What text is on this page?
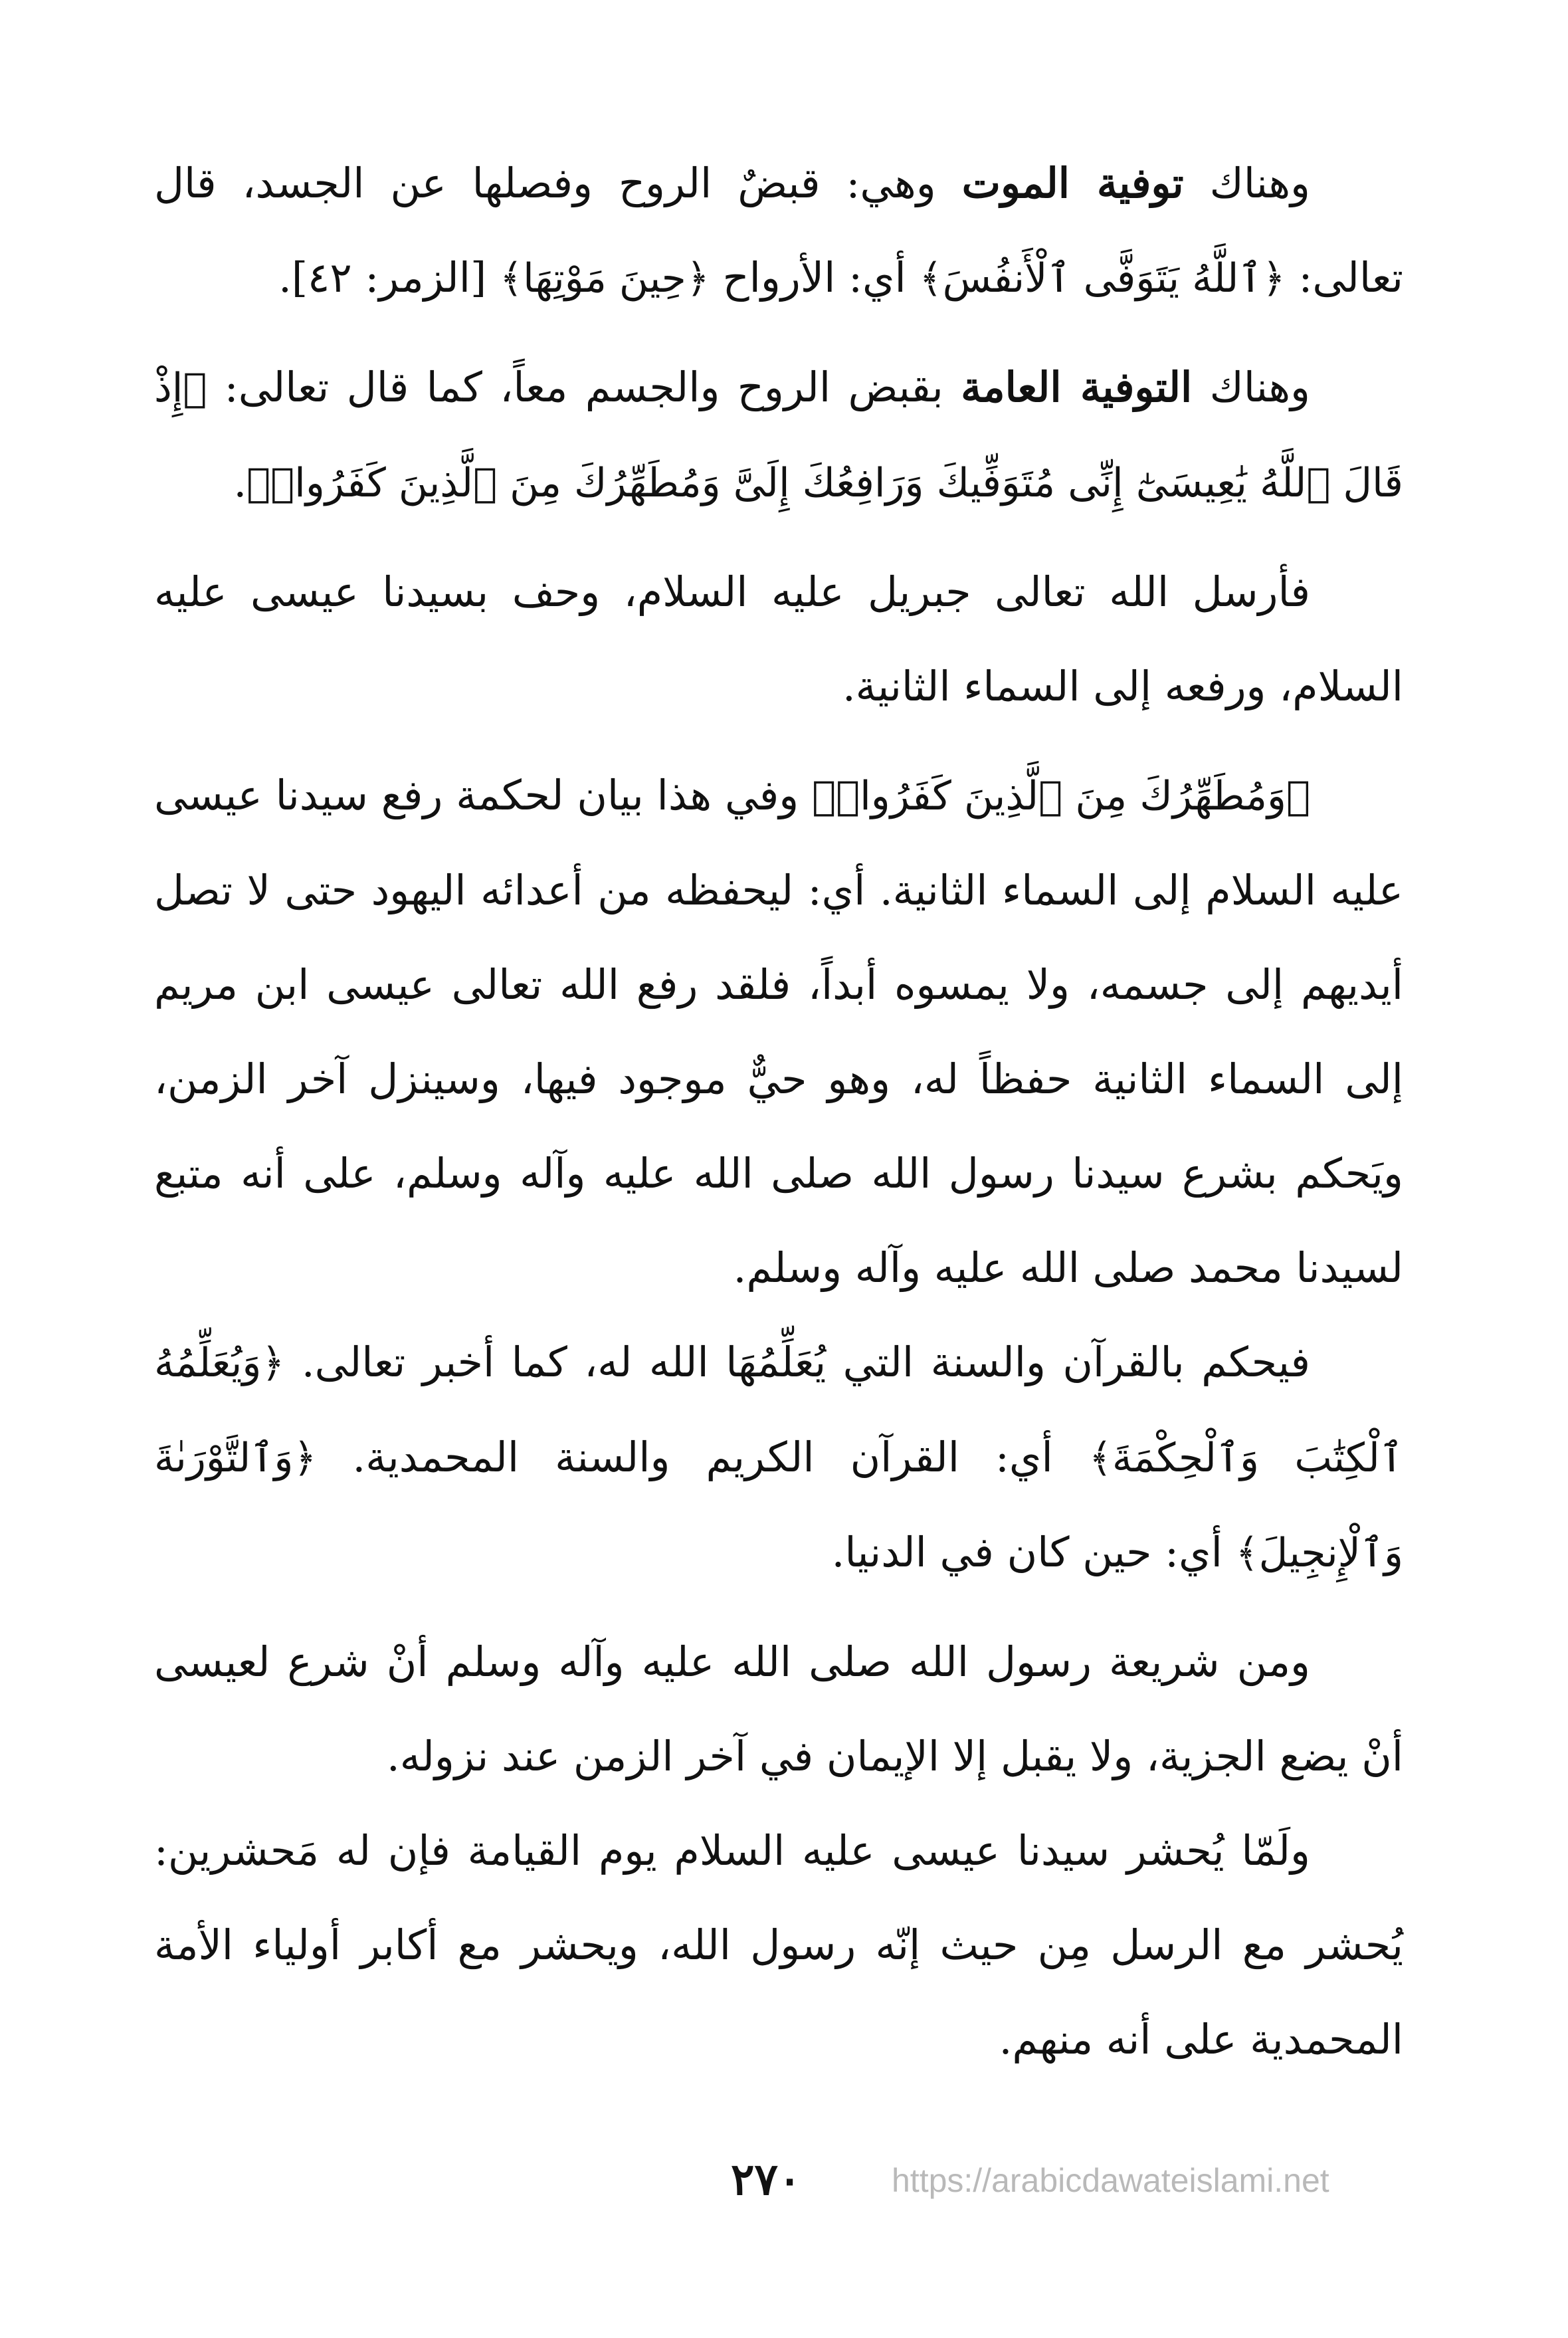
وهناك توفية الموت وهي: قبضٌ الروح وفصلها عن الجسد، قال تعالى: ﴿ٱللَّهُ يَتَوَفَّى ٱلْأَنفُسَ﴾ أي: الأرواح ﴿حِينَ مَوْتِهَا﴾ [الزمر: ٤٢].

وهناك التوفية العامة بقبض الروح والجسم معاً، كما قال تعالى: ﴿إِذْ قَالَ ٱللَّهُ يَٰعِيسَىٰٓ إِنِّى مُتَوَفِّيكَ وَرَافِعُكَ إِلَىَّ وَمُطَهِّرُكَ مِنَ ٱلَّذِينَ كَفَرُوا۟﴾.

فأرسل الله تعالى جبريل عليه السلام، وحف بسيدنا عيسى عليه السلام، ورفعه إلى السماء الثانية.

﴿وَمُطَهِّرُكَ مِنَ ٱلَّذِينَ كَفَرُوا۟﴾ وفي هذا بيان لحكمة رفع سيدنا عيسى عليه السلام إلى السماء الثانية. أي: ليحفظه من أعدائه اليهود حتى لا تصل أيديهم إلى جسمه، ولا يمسوه أبداً، فلقد رفع الله تعالى عيسى ابن مريم إلى السماء الثانية حفظاً له، وهو حيٌّ موجود فيها، وسينزل آخر الزمن، ويَحكم بشرع سيدنا رسول الله صلى الله عليه وآله وسلم، على أنه متبع لسيدنا محمد صلى الله عليه وآله وسلم.

فيحكم بالقرآن والسنة التي يُعَلِّمُهَا الله له، كما أخبر تعالى. ﴿وَيُعَلِّمُهُ ٱلْكِتَٰبَ وَٱلْحِكْمَةَ﴾ أي: القرآن الكريم والسنة المحمدية. ﴿وَٱلتَّوْرَىٰةَ وَٱلْإِنجِيلَ﴾ أي: حين كان في الدنيا.

ومن شريعة رسول الله صلى الله عليه وآله وسلم أنْ شرع لعيسى أنْ يضع الجزية، ولا يقبل إلا الإيمان في آخر الزمن عند نزوله.

ولَمّا يُحشر سيدنا عيسى عليه السلام يوم القيامة فإن له مَحشرين: يُحشر مع الرسل مِن حيث إنّه رسول الله، ويحشر مع أكابر أولياء الأمة المحمدية على أنه منهم.

https://arabicdawateislami.net
٢٧٠
